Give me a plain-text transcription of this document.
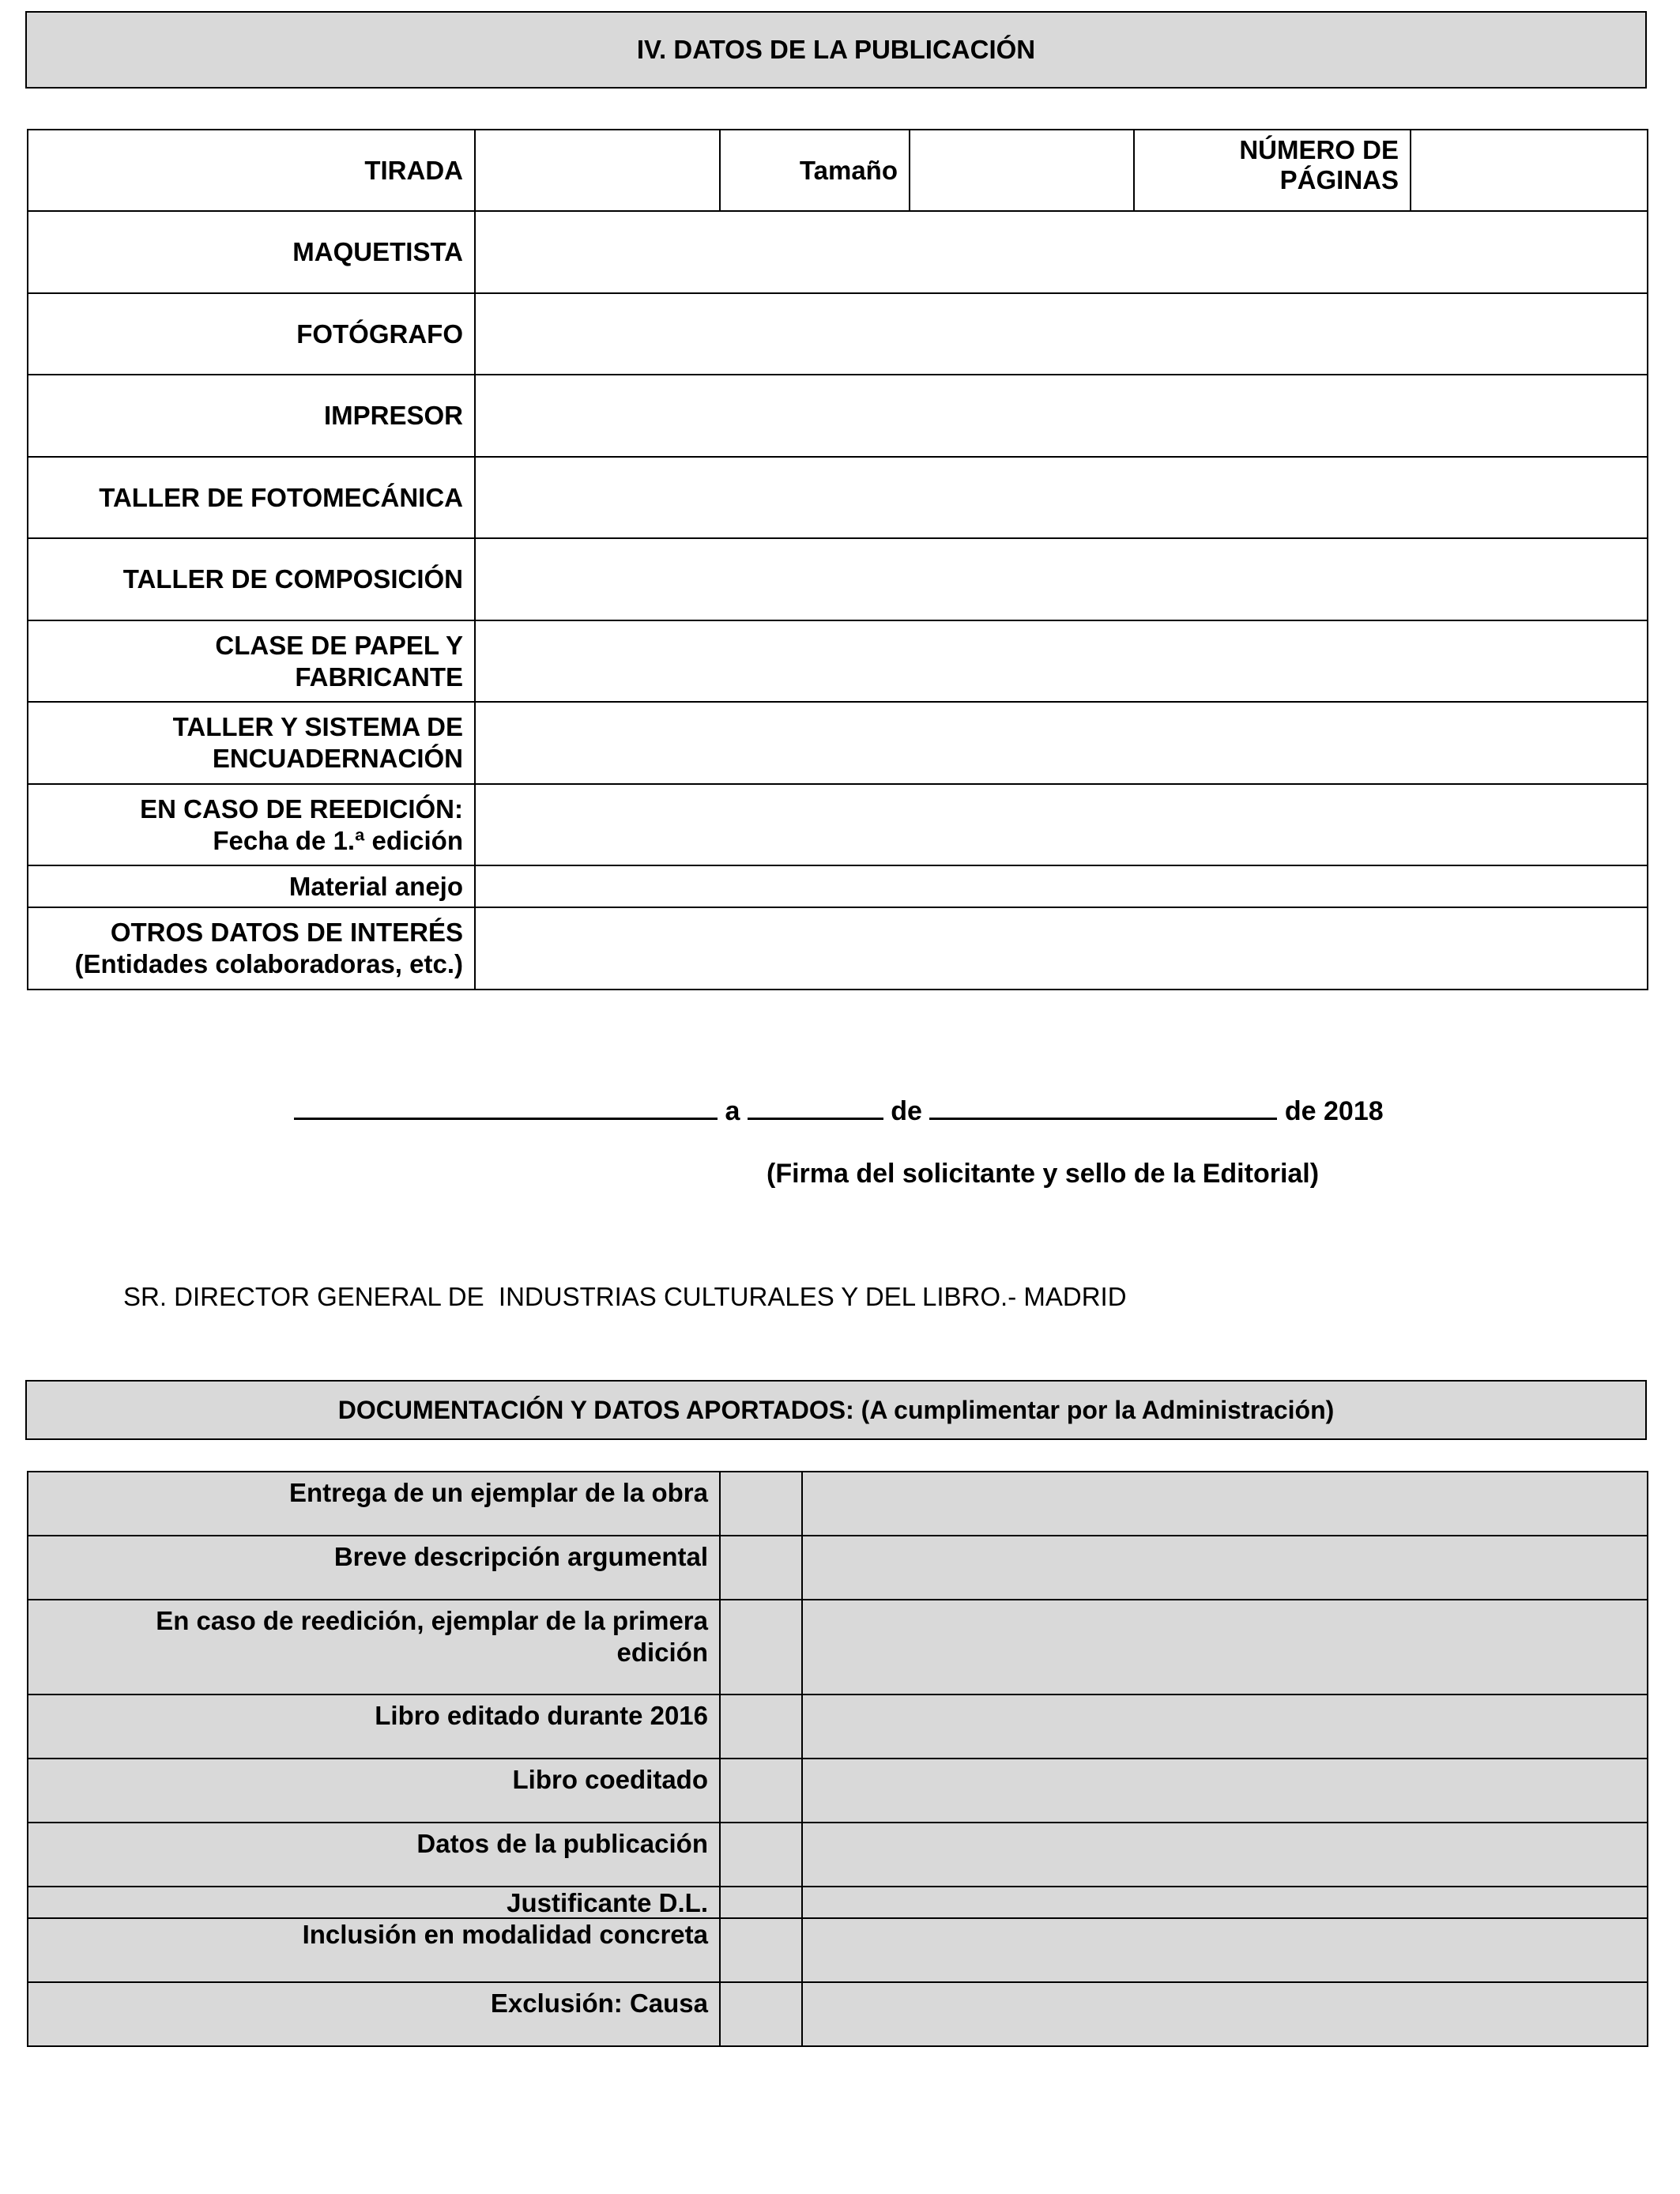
IV. DATOS DE LA PUBLICACIÓN
TIRADA		Tamaño		NÚMERO DE
PÁGINAS	

MAQUETISTA					

FOTÓGRAFO					

IMPRESOR					

TALLER DE FOTOMECÁNICA					

TALLER DE COMPOSICIÓN					

CLASE DE PAPEL Y
FABRICANTE					

TALLER Y SISTEMA DE
ENCUADERNACIÓN					

EN CASO DE REEDICIÓN:
Fecha de 1.ª edición					

Material anejo					

OTROS DATOS DE INTERÉS
(Entidades colaboradoras, etc.)					

a	de	de 2018
(Firma del solicitante y sello de la Editorial)
SR. DIRECTOR GENERAL DE  INDUSTRIAS CULTURALES Y DEL LIBRO.- MADRID
DOCUMENTACIÓN Y DATOS APORTADOS: (A cumplimentar por la Administración)
Entrega de un ejemplar de la obra		

Breve descripción argumental		

En caso de reedición, ejemplar de la primera
edición		

Libro editado durante 2016		

Libro coeditado		

Datos de la publicación		

Justificante D.L.		

Inclusión en modalidad concreta		

Exclusión: Causa		
